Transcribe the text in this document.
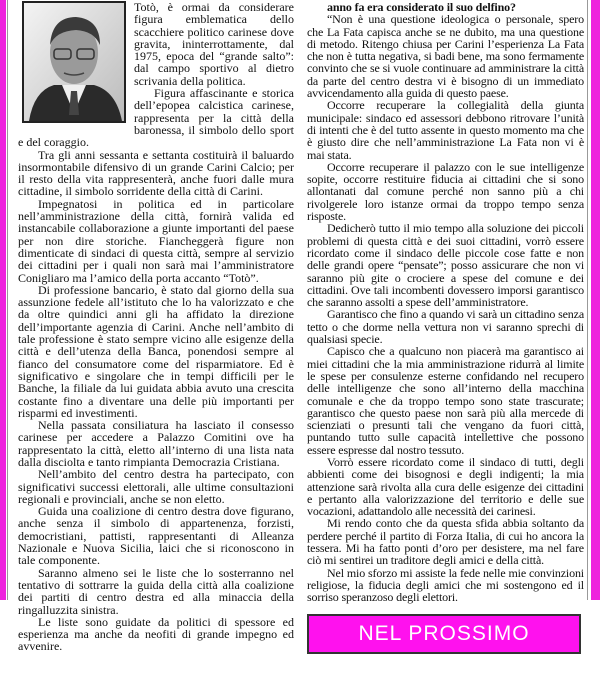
Totò, è ormai da considerare figura emblematica dello scacchiere politico carinese dove gravita, ininterrottamente, dal 1975, epoca del “grande salto”: dal campo sportivo al dietro scrivania della politica.

Figura affascinante e storica dell’epopea calcistica carinese, rappresenta per la città della baronessa, il simbolo dello sport e del coraggio.

Tra gli anni sessanta e settanta costituirà il baluardo insormontabile difensivo di un grande Carini Calcio; per il resto della vita rappresenterà, anche fuori dalle mura cittadine, il simbolo sorridente della città di Carini.

Impegnatosi in politica ed in particolare nell’amministrazione della città, fornirà valida ed instancabile collaborazione a giunte importanti del paese per non dire storiche. Fiancheggerà figure non dimenticate di sindaci di questa città, sempre al servizio dei cittadini per i quali non sarà mai l’amministratore Conigliaro ma l’amico della porta accanto “Totò”.

Di professione bancario, è stato dal giorno della sua assunzione fedele all’istituto che lo ha valorizzato e che da oltre quindici anni gli ha affidato la direzione dell’importante agenzia di Carini. Anche nell’ambito di tale professione è stato sempre vicino alle esigenze della città e dell’utenza della Banca, ponendosi sempre al fianco del consumatore come del risparmiatore. Ed è significativo e singolare che in tempi difficili per le Banche, la filiale da lui guidata abbia avuto una crescita costante fino a diventare una delle più importanti per risparmi ed investimenti.

Nella passata consiliatura ha lasciato il consesso carinese per accedere a Palazzo Comitini ove ha rappresentato la città, eletto all’interno di una lista nata dalla disciolta e tanto rimpianta Democrazia Cristiana.

Nell’ambito del centro destra ha partecipato, con significativi successi elettorali, alle ultime consultazioni regionali e provinciali, anche se non eletto.

Guida una coalizione di centro destra dove figurano, anche senza il simbolo di appartenenza, forzisti, democristiani, pattisti, rappresentanti di Alleanza Nazionale e Nuova Sicilia, laici che si riconoscono in tale componente.

Saranno almeno sei le liste che lo sosterranno nel tentativo di sottrarre la guida della città alla coalizione dei partiti di centro destra ed alla minaccia della ringalluzzita sinistra.

Le liste sono guidate da politici di spessore ed esperienza ma anche da neofiti di grande impegno ed avvenire.

anno fa era considerato il suo delfino?

“Non è una questione ideologica o personale, spero che La Fata capisca anche se ne dubito, ma una questione di metodo. Ritengo chiusa per Carini l’esperienza La Fata che non è tutta negativa, si badi bene, ma sono fermamente convinto che se si vuole continuare ad amministrare la città da parte del centro destra vi è bisogno di un immediato avvicendamento alla guida di questo paese.

Occorre recuperare la collegialità della giunta municipale: sindaco ed assessori debbono ritrovare l’unità di intenti che è del tutto assente in questo momento ma che è giusto dire che nell’amministrazione La Fata non vi è mai stata.

Occorre recuperare il palazzo con le sue intelligenze sopite, occorre restituire fiducia ai cittadini che si sono allontanati dal comune perché non sanno più a chi rivolgerele loro istanze ormai da troppo tempo senza risposte.

Dedicherò tutto il mio tempo alla soluzione dei piccoli problemi di questa città e dei suoi cittadini, vorrò essere ricordato come il sindaco delle piccole cose fatte e non delle grandi opere “pensate”; posso assicurare che non vi saranno più gite o crociere a spese del comune e dei cittadini. Ove tali incombenti dovessero imporsi garantisco che saranno assolti a spese dell’amministratore.

Garantisco che fino a quando vi sarà un cittadino senza tetto o che dorme nella vettura non vi saranno sprechi di qualsiasi specie.

Capisco che a qualcuno non piacerà ma garantisco ai miei cittadini che la mia amministrazione ridurrà al limite le spese per consulenze esterne confidando nel recupero delle intelligenze che sono all’interno della macchina comunale e che da troppo tempo sono state trascurate; garantisco che questo paese non sarà più alla mercede di scienziati o presunti tali che vengano da fuori città, puntando tutto sulle capacità intellettive che possono essere espresse dal nostro tessuto.

Vorrò essere ricordato come il sindaco di tutti, degli abbienti come dei bisognosi e degli indigenti; la mia attenzione sarà rivolta alla cura delle esigenze dei cittadini e pertanto alla valorizzazione del territorio e delle sue vocazioni, adattandolo alle necessità dei carinesi.

Mi rendo conto che da questa sfida abbia soltanto da perdere perché il partito di Forza Italia, di cui ho ancora la tessera. Mi ha fatto ponti d’oro per desistere, ma nel fare ciò mi sentirei un traditore degli amici e della città.

Nel mio sforzo mi assiste la fede nelle mie convinzioni religiose, la fiducia degli amici che mi sostengono ed il sorriso speranzoso degli elettori.

NEL PROSSIMO NUMERO
